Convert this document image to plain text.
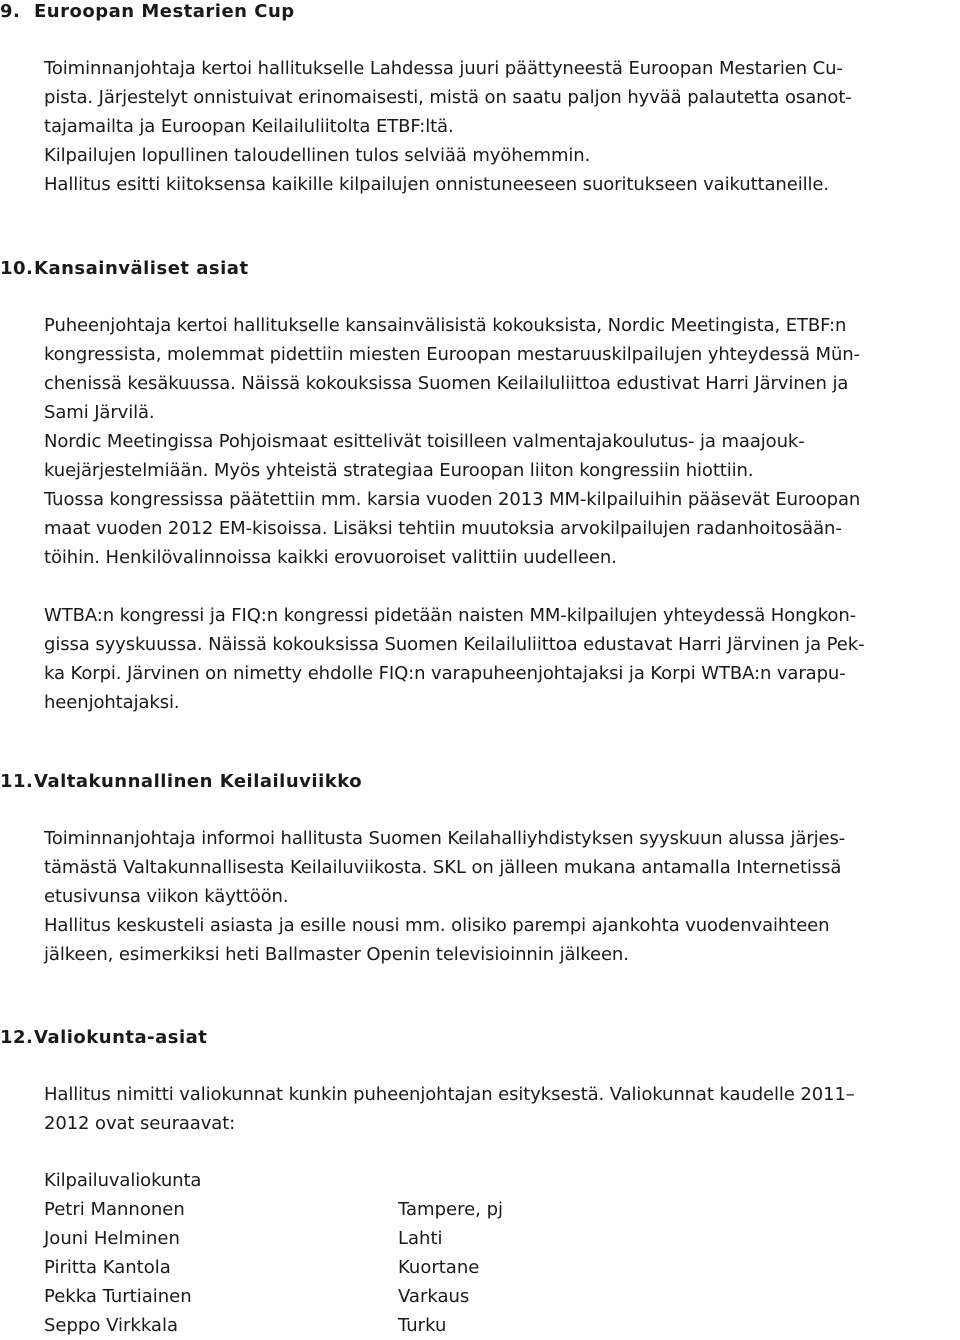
9. Euroopan Mestarien Cup
Toiminnanjohtaja kertoi hallitukselle Lahdessa juuri päättyneestä Euroopan Mestarien Cu-
pista. Järjestelyt onnistuivat erinomaisesti, mistä on saatu paljon hyvää palautetta osanot-
tajamailta ja Euroopan Keilailuliitolta ETBF:ltä.
Kilpailujen lopullinen taloudellinen tulos selviää myöhemmin.
Hallitus esitti kiitoksensa kaikille kilpailujen onnistuneeseen suoritukseen vaikuttaneille.
10.Kansainväliset asiat
Puheenjohtaja kertoi hallitukselle kansainvälisistä kokouksista, Nordic Meetingista, ETBF:n
kongressista, molemmat pidettiin miesten Euroopan mestaruuskilpailujen yhteydessä Mün-
chenissä kesäkuussa. Näissä kokouksissa Suomen Keilailuliittoa edustivat Harri Järvinen ja
Sami Järvilä.
Nordic Meetingissa Pohjoismaat esittelivät toisilleen valmentajakoulutus- ja maajouk-
kuejärjestelmiään. Myös yhteistä strategiaa Euroopan liiton kongressiin hiottiin.
Tuossa kongressissa päätettiin mm. karsia vuoden 2013 MM-kilpailuihin pääsevät Euroopan
maat vuoden 2012 EM-kisoissa. Lisäksi tehtiin muutoksia arvokilpailujen radanhoitosään-
töihin. Henkilövalinnoissa kaikki erovuoroiset valittiin uudelleen.
WTBA:n kongressi ja FIQ:n kongressi pidetään naisten MM-kilpailujen yhteydessä Hongkon-
gissa syyskuussa. Näissä kokouksissa Suomen Keilailuliittoa edustavat Harri Järvinen ja Pek-
ka Korpi. Järvinen on nimetty ehdolle FIQ:n varapuheenjohtajaksi ja Korpi WTBA:n varapu-
heenjohtajaksi.
11.Valtakunnallinen Keilailuviikko
Toiminnanjohtaja informoi hallitusta Suomen Keilahalliyhdistyksen syyskuun alussa järjes-
tämästä Valtakunnallisesta Keilailuviikosta. SKL on jälleen mukana antamalla Internetissä
etusivunsa viikon käyttöön.
Hallitus keskusteli asiasta ja esille nousi mm. olisiko parempi ajankohta vuodenvaihteen
jälkeen, esimerkiksi heti Ballmaster Openin televisioinnin jälkeen.
12.Valiokunta-asiat
Hallitus nimitti valiokunnat kunkin puheenjohtajan esityksestä. Valiokunnat kaudelle 2011–
2012 ovat seuraavat:
Kilpailuvaliokunta
Petri Mannonen	Tampere, pj
Jouni Helminen	Lahti
Piritta Kantola	Kuortane
Pekka Turtiainen	Varkaus
Seppo Virkkala	Turku
